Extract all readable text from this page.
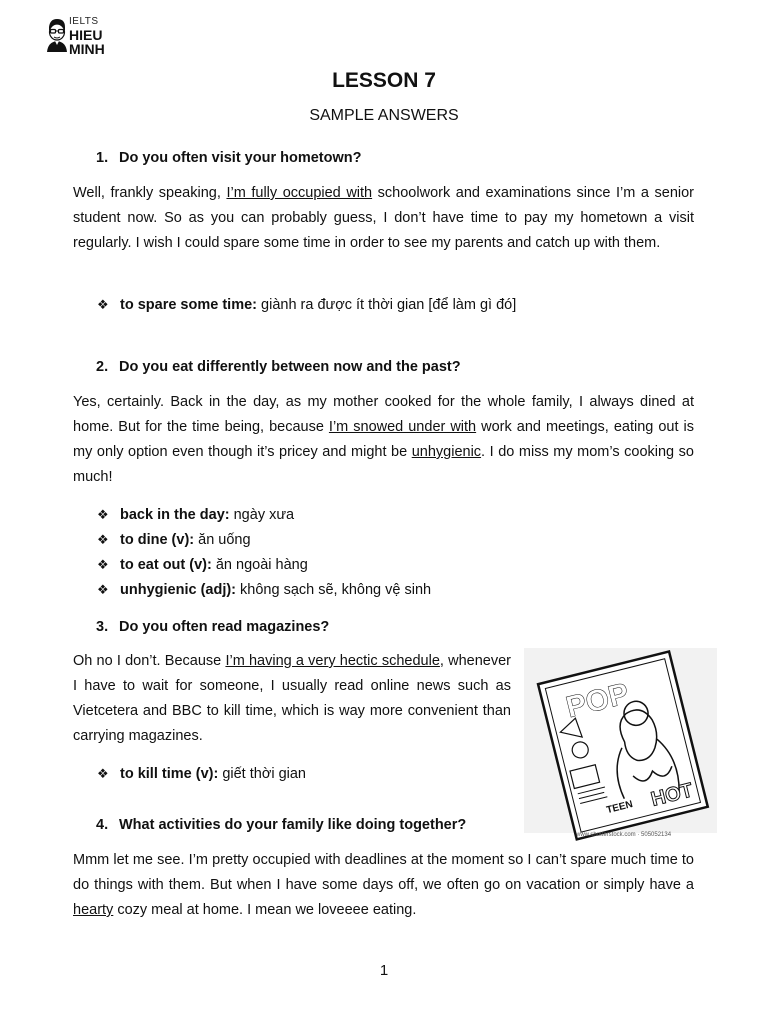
IELTS
HIEU
MINH
LESSON 7
SAMPLE ANSWERS
1. Do you often visit your hometown?
Well, frankly speaking, I’m fully occupied with schoolwork and examinations since I’m a senior student now. So as you can probably guess, I don’t have time to pay my hometown a visit regularly. I wish I could spare some time in order to see my parents and catch up with them.
❖ to spare some time: giành ra được ít thời gian [để làm gì đó]
2. Do you eat differently between now and the past?
Yes, certainly. Back in the day, as my mother cooked for the whole family, I always dined at home. But for the time being, because I’m snowed under with work and meetings, eating out is my only option even though it’s pricey and might be unhygienic. I do miss my mom’s cooking so much!
❖ back in the day: ngày xưa
❖ to dine (v): ăn uống
❖ to eat out (v): ăn ngoài hàng
❖ unhygienic (adj): không sạch sẽ, không vệ sinh
3. Do you often read magazines?
Oh no I don’t. Because I’m having a very hectic schedule, whenever I have to wait for someone, I usually read online news such as Vietcetera and BBC to kill time, which is way more convenient than carrying magazines.
❖ to kill time (v): giết thời gian
POP
HOT
TEEN
www.shutterstock.com · 505052134
4. What activities do your family like doing together?
Mmm let me see. I’m pretty occupied with deadlines at the moment so I can’t spare much time to do things with them. But when I have some days off, we often go on vacation or simply have a hearty cozy meal at home. I mean we loveeee eating.
1
